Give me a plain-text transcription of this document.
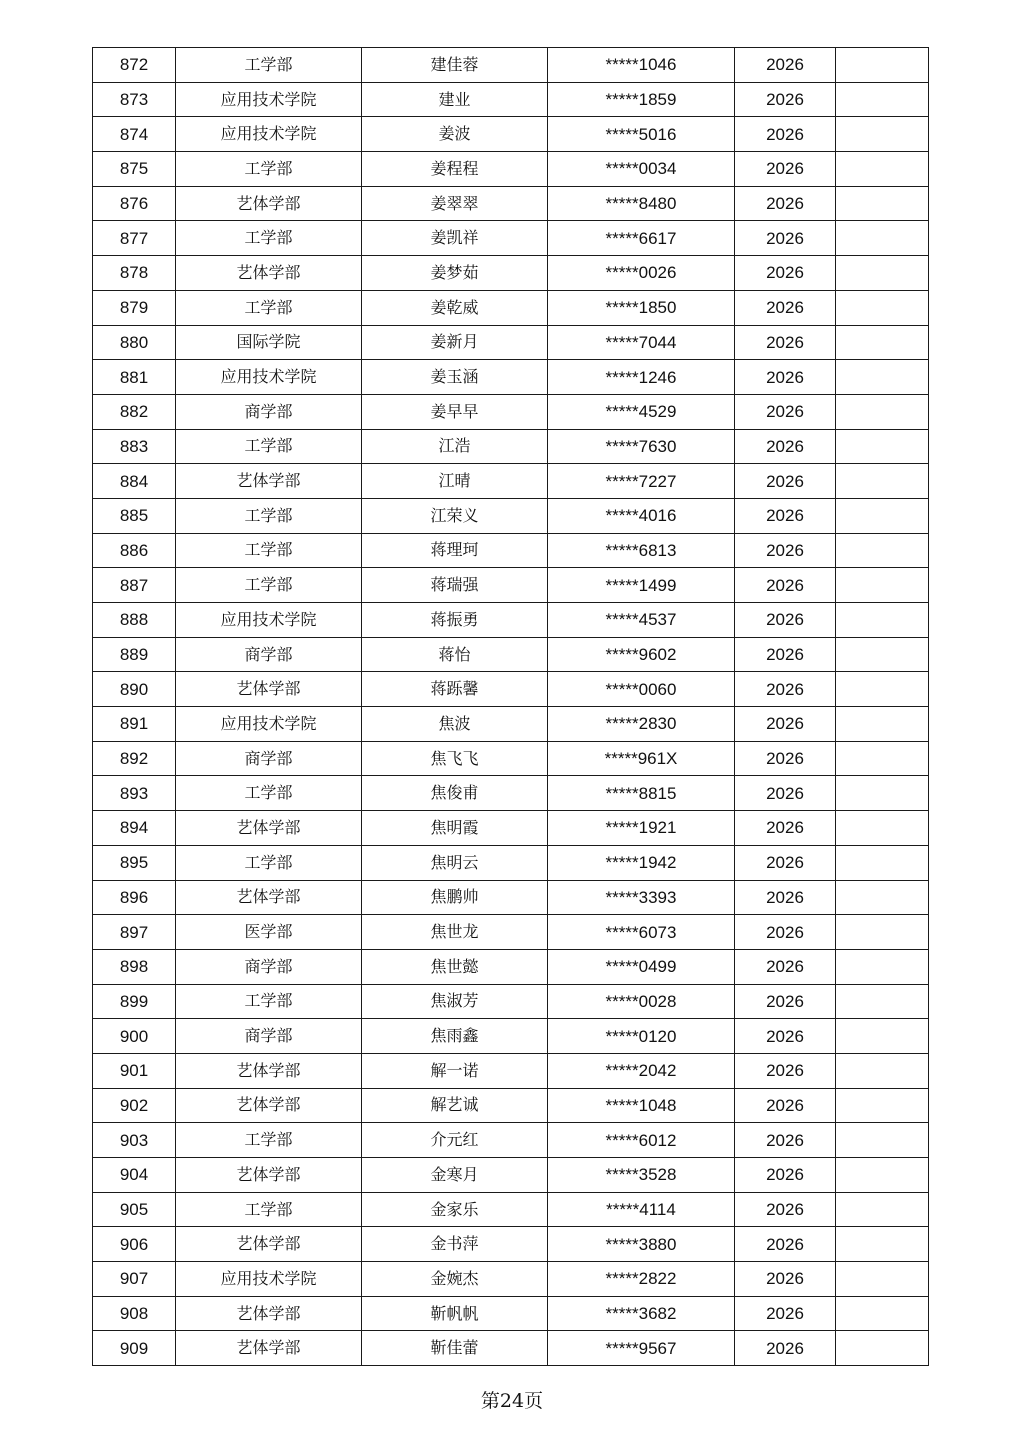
872	工学部	建佳蓉	*****1046	2026	
873	应用技术学院	建业	*****1859	2026	
874	应用技术学院	姜波	*****5016	2026	
875	工学部	姜程程	*****0034	2026	
876	艺体学部	姜翠翠	*****8480	2026	
877	工学部	姜凯祥	*****6617	2026	
878	艺体学部	姜梦茹	*****0026	2026	
879	工学部	姜乾威	*****1850	2026	
880	国际学院	姜新月	*****7044	2026	
881	应用技术学院	姜玉涵	*****1246	2026	
882	商学部	姜早早	*****4529	2026	
883	工学部	江浩	*****7630	2026	
884	艺体学部	江晴	*****7227	2026	
885	工学部	江荣义	*****4016	2026	
886	工学部	蒋理珂	*****6813	2026	
887	工学部	蒋瑞强	*****1499	2026	
888	应用技术学院	蒋振勇	*****4537	2026	
889	商学部	蒋怡	*****9602	2026	
890	艺体学部	蒋跞馨	*****0060	2026	
891	应用技术学院	焦波	*****2830	2026	
892	商学部	焦飞飞	*****961X	2026	
893	工学部	焦俊甫	*****8815	2026	
894	艺体学部	焦明霞	*****1921	2026	
895	工学部	焦明云	*****1942	2026	
896	艺体学部	焦鹏帅	*****3393	2026	
897	医学部	焦世龙	*****6073	2026	
898	商学部	焦世懿	*****0499	2026	
899	工学部	焦淑芳	*****0028	2026	
900	商学部	焦雨鑫	*****0120	2026	
901	艺体学部	解一诺	*****2042	2026	
902	艺体学部	解艺诚	*****1048	2026	
903	工学部	介元红	*****6012	2026	
904	艺体学部	金寒月	*****3528	2026	
905	工学部	金家乐	*****4114	2026	
906	艺体学部	金书萍	*****3880	2026	
907	应用技术学院	金婉杰	*****2822	2026	
908	艺体学部	靳帆帆	*****3682	2026	
909	艺体学部	靳佳蕾	*****9567	2026	
第24页
